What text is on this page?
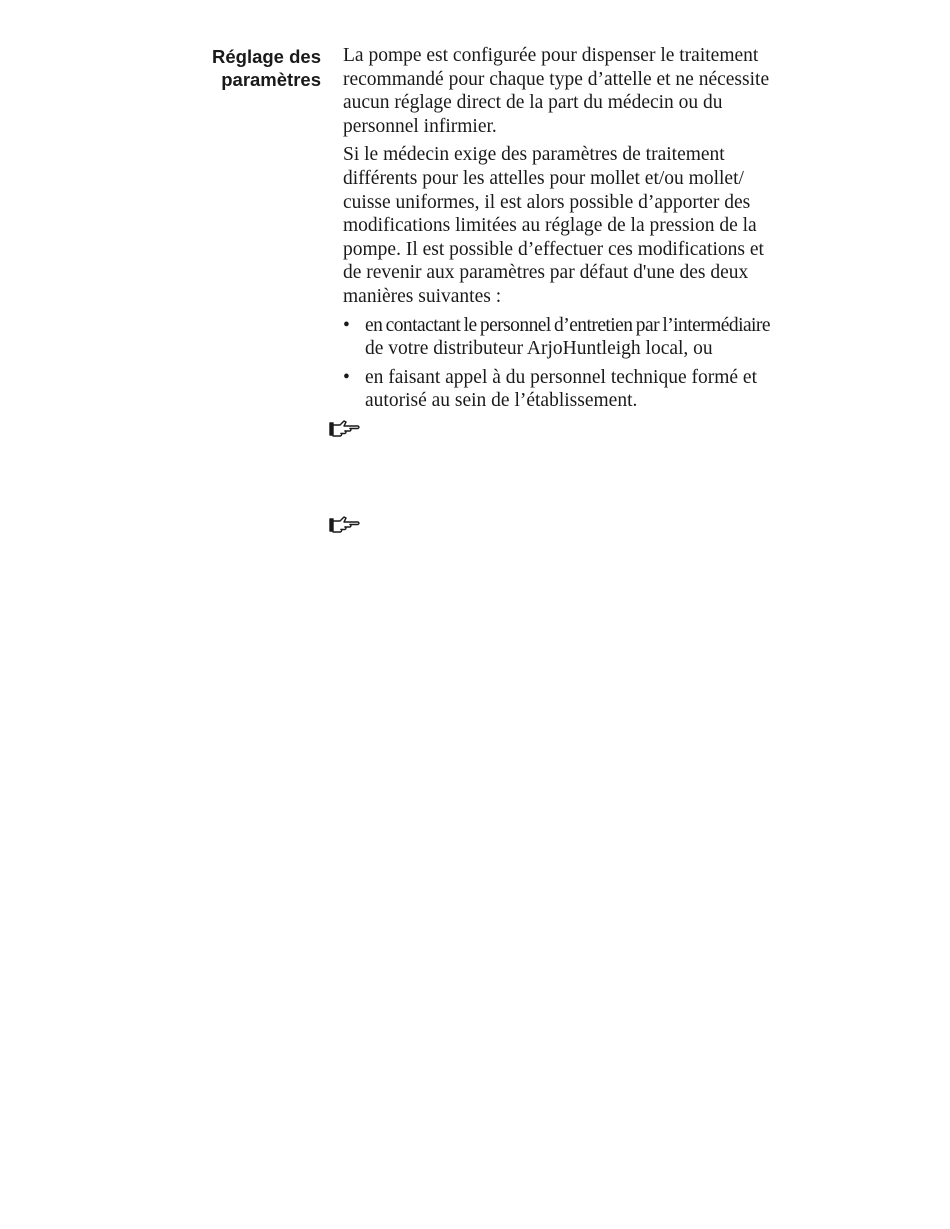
Réglage des
paramètres

La pompe est configurée pour dispenser le traitement
recommandé pour chaque type d’attelle et ne nécessite
aucun réglage direct de la part du médecin ou du
personnel infirmier.

Si le médecin exige des paramètres de traitement
différents pour les attelles pour mollet et/ou mollet/
cuisse uniformes, il est alors possible d’apporter des
modifications limitées au réglage de la pression de la
pompe. Il est possible d’effectuer ces modifications et
de revenir aux paramètres par défaut d'une des deux
manières suivantes :

• en contactant le personnel d’entretien par l’intermédiaire
de votre distributeur ArjoHuntleigh local, ou
• en faisant appel à du personnel technique formé et
autorisé au sein de l’établissement.
